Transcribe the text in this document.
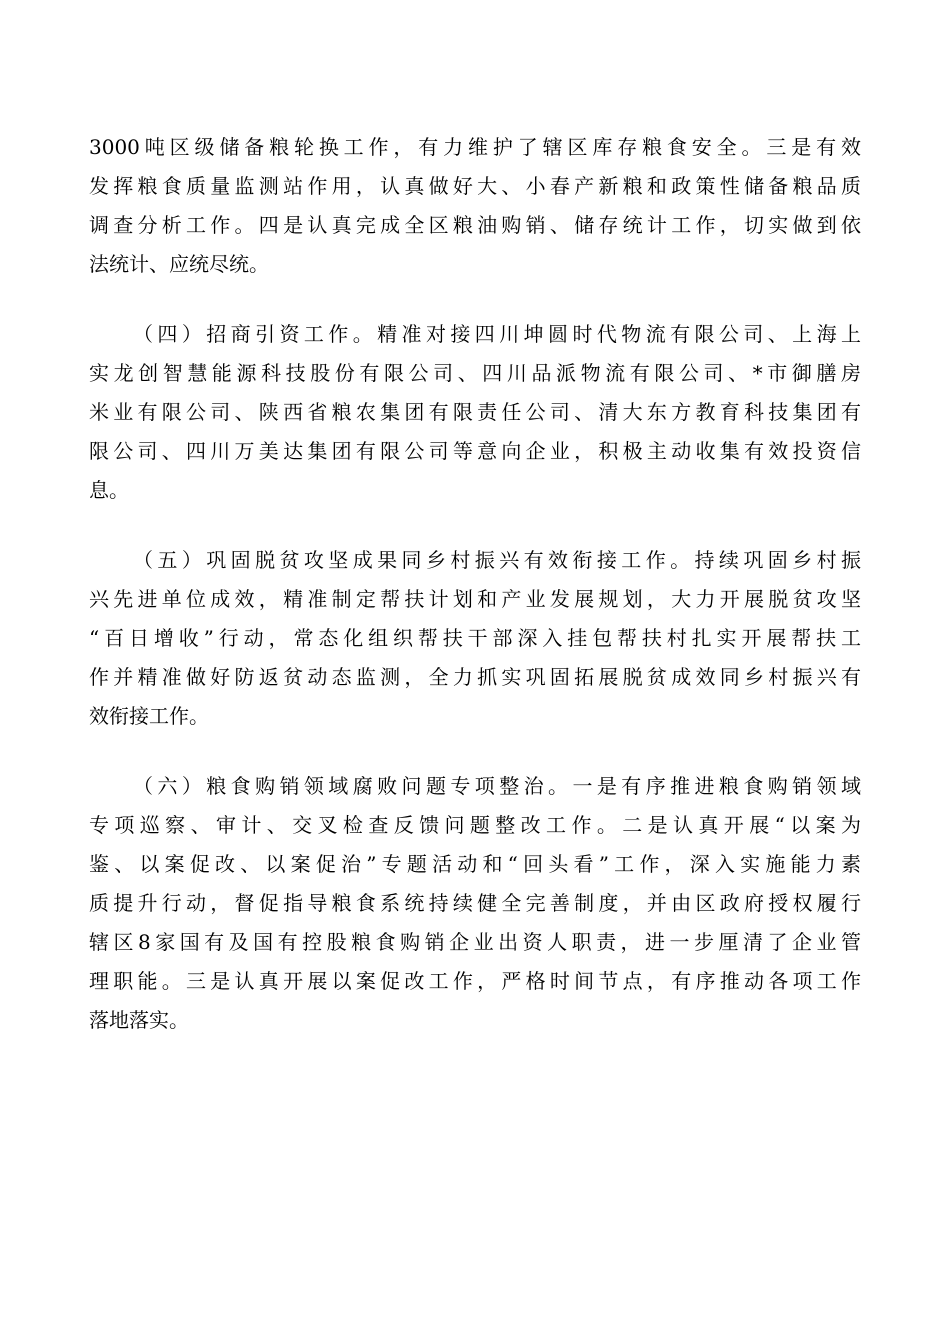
3000吨区级储备粮轮换工作，有力维护了辖区库存粮食安全。三是有效
发挥粮食质量监测站作用，认真做好大、小春产新粮和政策性储备粮品质
调查分析工作。四是认真完成全区粮油购销、储存统计工作，切实做到依
法统计、应统尽统。
（四）招商引资工作。精准对接四川坤圆时代物流有限公司、上海上
实龙创智慧能源科技股份有限公司、四川品派物流有限公司、*市御膳房
米业有限公司、陕西省粮农集团有限责任公司、清大东方教育科技集团有
限公司、四川万美达集团有限公司等意向企业，积极主动收集有效投资信
息。
（五）巩固脱贫攻坚成果同乡村振兴有效衔接工作。持续巩固乡村振
兴先进单位成效，精准制定帮扶计划和产业发展规划，大力开展脱贫攻坚
“百日增收”行动，常态化组织帮扶干部深入挂包帮扶村扎实开展帮扶工
作并精准做好防返贫动态监测，全力抓实巩固拓展脱贫成效同乡村振兴有
效衔接工作。
（六）粮食购销领域腐败问题专项整治。一是有序推进粮食购销领域
专项巡察、审计、交叉检查反馈问题整改工作。二是认真开展“以案为
鉴、以案促改、以案促治”专题活动和“回头看”工作，深入实施能力素
质提升行动，督促指导粮食系统持续健全完善制度，并由区政府授权履行
辖区8家国有及国有控股粮食购销企业出资人职责，进一步厘清了企业管
理职能。三是认真开展以案促改工作，严格时间节点，有序推动各项工作
落地落实。
